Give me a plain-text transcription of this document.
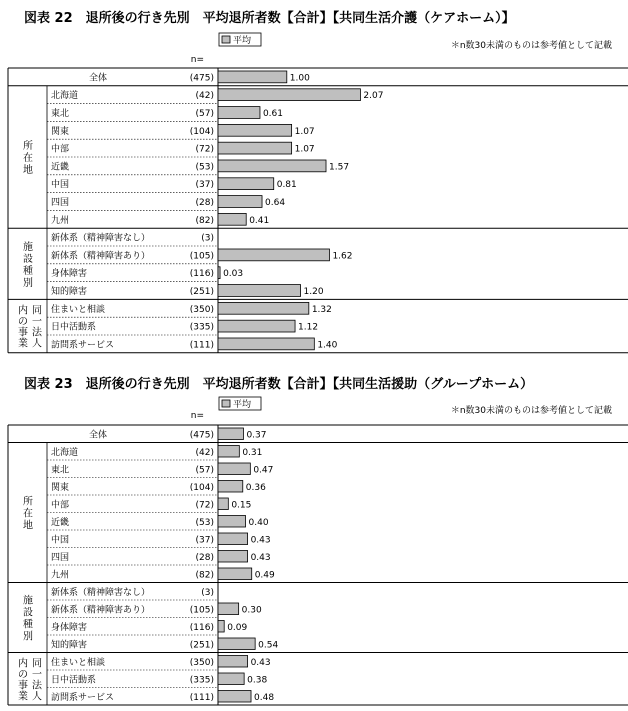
図表 22　退所後の行き先別　平均退所者数【合計】【共同生活介護（ケアホーム）】
＊n数30未満のものは参考値として記載
平均
n=
所在地
施設種別
同一法人内の事業
全体	(475)	1.00
北海道	(42)	2.07
東北	(57)	0.61
関東	(104)	1.07
中部	(72)	1.07
近畿	(53)	1.57
中国	(37)	0.81
四国	(28)	0.64
九州	(82)	0.41
新体系（精神障害なし）	(3)
新体系（精神障害あり）	(105)	1.62
身体障害	(116) 0.03
知的障害	(251)	1.20
住まいと相談	(350)	1.32
日中活動系	(335)	1.12
訪問系サービス	(111)	1.40
図表 23　退所後の行き先別　平均退所者数【合計】【共同生活援助（グループホーム）
＊n数30未満のものは参考値として記載
平均
n=
所在地
施設種別
同一法人内の事業
全体	(475)	0.37
北海道	(42)	0.31
東北	(57)	0.47
関東	(104)	0.36
中部	(72) 0.15
近畿	(53)	0.40
中国	(37)	0.43
四国	(28)	0.43
九州	(82)	0.49
新体系（精神障害なし）	(3)
新体系（精神障害あり）	(105)	0.30
身体障害	(116) 0.09
知的障害	(251)	0.54
住まいと相談	(350)	0.43
日中活動系	(335)	0.38
訪問系サービス	(111)	0.48
